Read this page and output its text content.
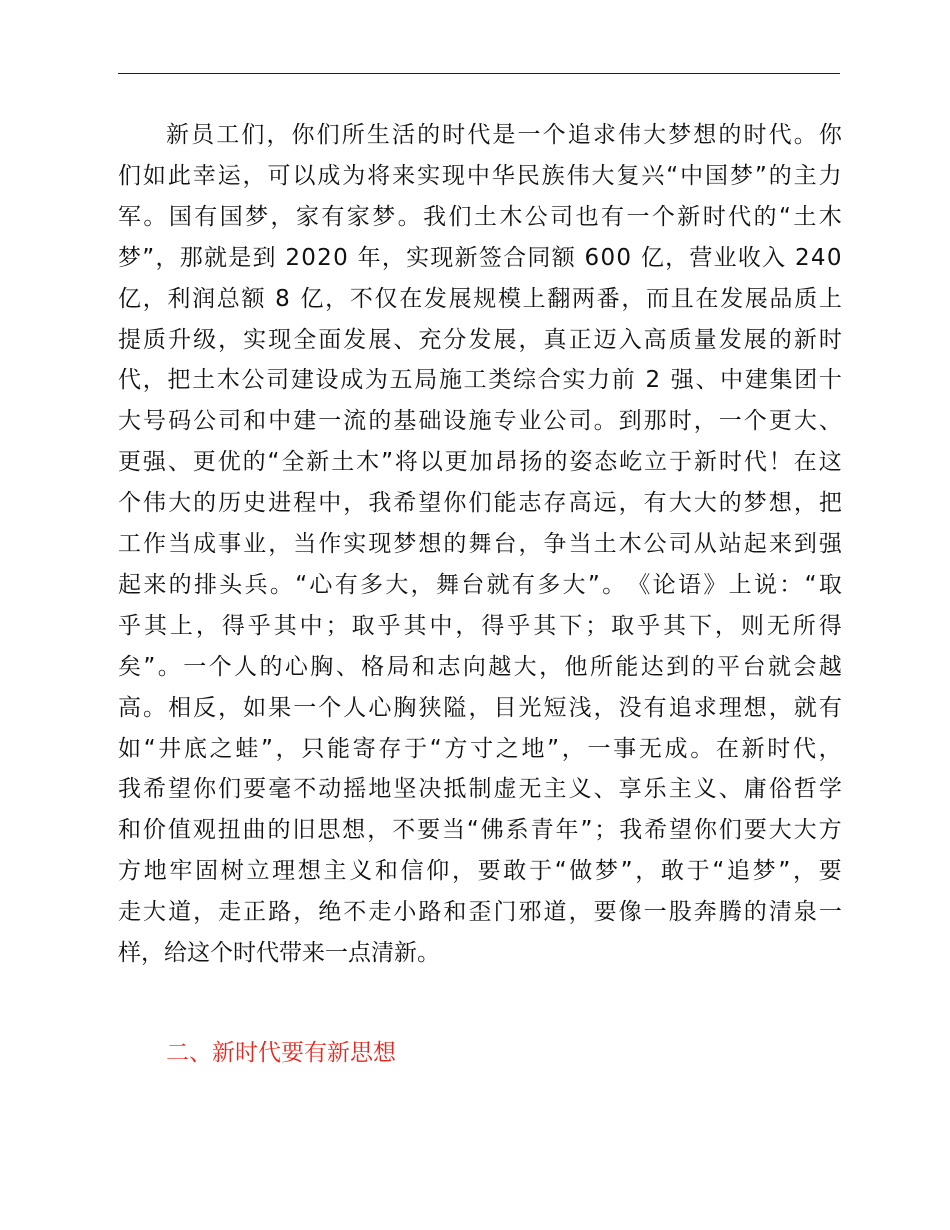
新 员 工 们 ， 你 们 所 生 活 的 时 代 是 一 个 追 求 伟 大 梦 想 的 时 代 。 你
们 如 此 幸 运 ， 可 以 成 为 将 来 实 现 中 华 民 族 伟 大 复 兴 “ 中 国 梦 ” 的 主 力
军 。 国 有 国 梦 ， 家 有 家 梦 。 我 们 土 木 公 司 也 有 一 个 新 时 代 的 “ 土 木
梦 ” ， 那 就 是 到
2 0 2 0
年 ， 实 现 新 签 合 同 额
6 0 0
亿 ， 营 业 收 入
2 4 0
亿 ， 利 润 总 额
8
亿 ， 不 仅 在 发 展 规 模 上 翻 两 番 ， 而 且 在 发 展 品 质 上
提 质 升 级 ， 实 现 全 面 发 展 、 充 分 发 展 ， 真 正 迈 入 高 质 量 发 展 的 新 时
代 ， 把 土 木 公 司 建 设 成 为 五 局 施 工 类 综 合 实 力 前
2
强 、 中 建 集 团 十
大 号 码 公 司 和 中 建 一 流 的 基 础 设 施 专 业 公 司 。 到 那 时 ， 一 个 更 大 、
更 强 、 更 优 的 “ 全 新 土 木 ” 将 以 更 加 昂 扬 的 姿 态 屹 立 于 新 时 代 ！ 在 这
个 伟 大 的 历 史 进 程 中 ， 我 希 望 你 们 能 志 存 高 远 ， 有 大 大 的 梦 想 ， 把
工 作 当 成 事 业 ， 当 作 实 现 梦 想 的 舞 台 ， 争 当 土 木 公 司 从 站 起 来 到 强
起 来 的 排 头 兵 。 “ 心 有 多 大 ， 舞 台 就 有 多 大 ” 。 《 论 语 》 上 说 ： “ 取
乎 其 上 ， 得 乎 其 中 ； 取 乎 其 中 ， 得 乎 其 下 ； 取 乎 其 下 ， 则 无 所 得
矣 ” 。 一 个 人 的 心 胸 、 格 局 和 志 向 越 大 ， 他 所 能 达 到 的 平 台 就 会 越
高 。 相 反 ， 如 果 一 个 人 心 胸 狭 隘 ， 目 光 短 浅 ， 没 有 追 求 理 想 ， 就 有
如 “ 井 底 之 蛙 ” ， 只 能 寄 存 于 “ 方 寸 之 地 ” ， 一 事 无 成 。 在 新 时 代 ，
我 希 望 你 们 要 毫 不 动 摇 地 坚 决 抵 制 虚 无 主 义 、 享 乐 主 义 、 庸 俗 哲 学
和 价 值 观 扭 曲 的 旧 思 想 ， 不 要 当 “ 佛 系 青 年 ” ； 我 希 望 你 们 要 大 大 方
方 地 牢 固 树 立 理 想 主 义 和 信 仰 ， 要 敢 于 “ 做 梦 ” ， 敢 于 “ 追 梦 ” ， 要
走 大 道 ， 走 正 路 ， 绝 不 走 小 路 和 歪 门 邪 道 ， 要 像 一 股 奔 腾 的 清 泉 一
样，给这个时代带来一点清新。
二、新时代要有新思想
